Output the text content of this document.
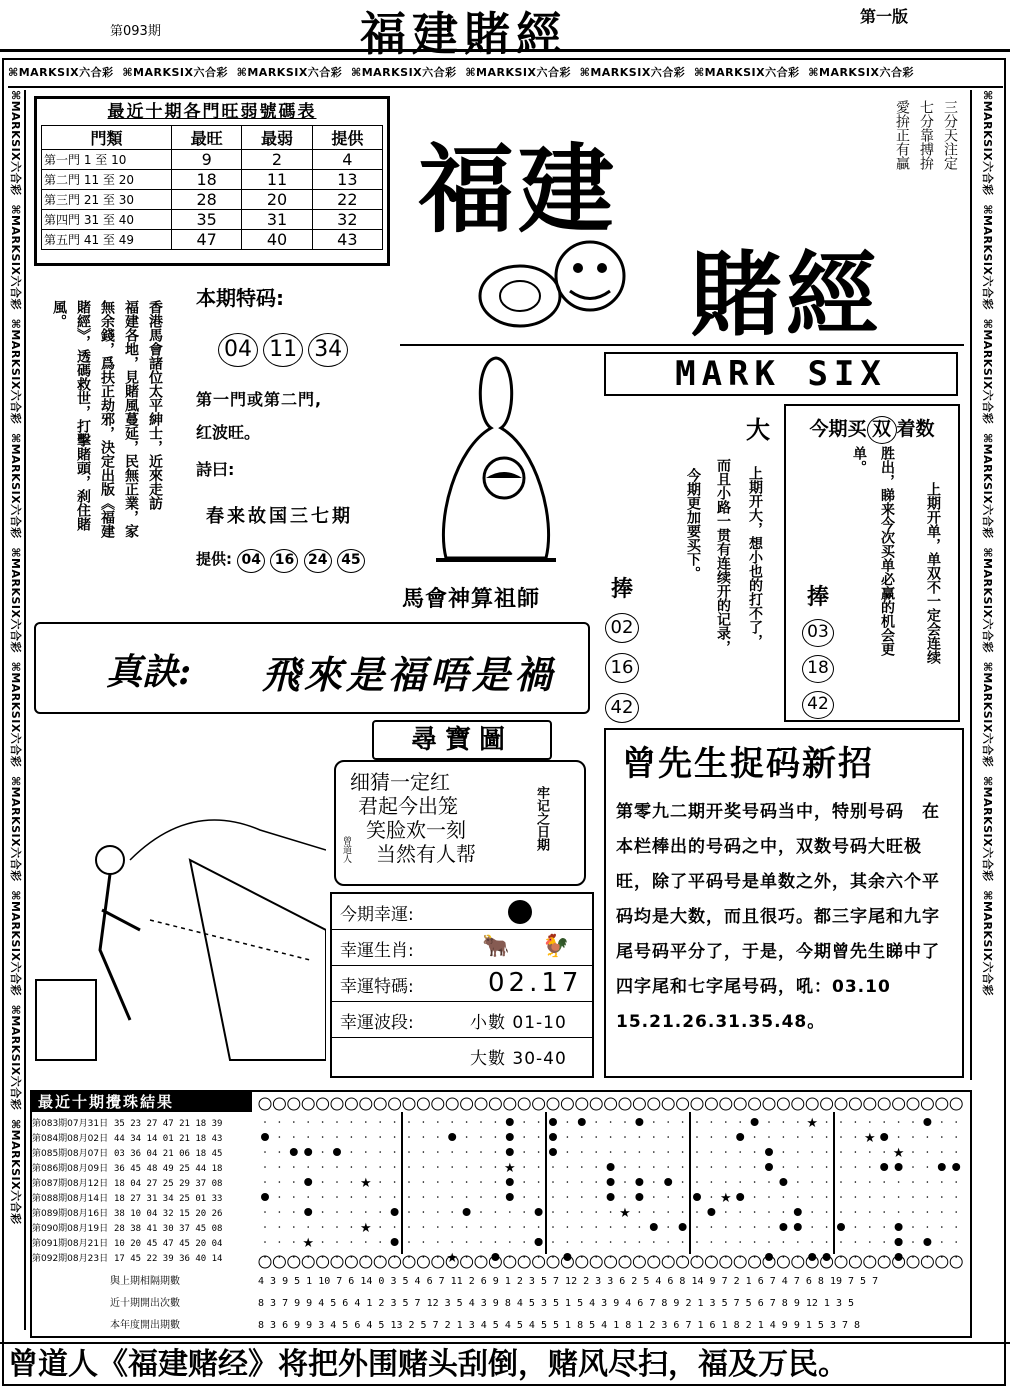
第093期	福建賭經	第一版
⌘MARKSIX六合彩 ⌘MARKSIX六合彩 ⌘MARKSIX六合彩 ⌘MARKSIX六合彩 ⌘MARKSIX六合彩 ⌘MARKSIX六合彩 ⌘MARKSIX六合彩 ⌘MARKSIX六合彩
⌘MARKSIX六合彩  ⌘MARKSIX六合彩  ⌘MARKSIX六合彩  ⌘MARKSIX六合彩  ⌘MARKSIX六合彩  ⌘MARKSIX六合彩  ⌘MARKSIX六合彩  ⌘MARKSIX六合彩  ⌘MARKSIX六合彩  ⌘MARKSIX六合彩
⌘MARKSIX六合彩  ⌘MARKSIX六合彩  ⌘MARKSIX六合彩  ⌘MARKSIX六合彩  ⌘MARKSIX六合彩  ⌘MARKSIX六合彩  ⌘MARKSIX六合彩  ⌘MARKSIX六合彩
最近十期各門旺弱號碼表
門類	最旺	最弱	提供
第一門 1 至 10	9	2	4
第二門 11 至 20	18	11	13
第三門 21 至 30	28	20	22
第四門 31 至 40	35	31	32
第五門 41 至 49	47	40	43 福建
賭經
三分天注定
七分靠搏拚
愛拚正有贏
香港馬會諸位太平紳士，近來走訪
福建各地，見賭風蔓延，民無正業，家
無余錢，爲扶正劫邪，決定出版《福建
賭經》，透碼救世，打擊賭頭，刹住賭
風。
本期特码:
04 11 34
第一門或第二門,
红波旺。
詩曰:
春来故国三七期
提供: 04 16 24 45
馬會神算祖師	捧
02 16 42
MARK SIX
大	今期买 双 着数
今期更加要买下。 而且小路一贯有连续开的记录， 上期开大，想小也的打不了，
单。 胜出，睇来今次买单必赢的机会更 上期开单，单双不一定会连续
捧
03 18 42
真訣: 飛來是福唔是禍
尋寶圖
细猜一定红
君起今出笼
笑脸欢一刻
当然有人帮
曾道人	牢记之日期
今期幸運:
幸運生肖:	🐂 🐓
幸運特碼:	02.17
幸運波段:	小數 01-10
大數 30-40
曾先生捉码新招
第零九二期开奖号码当中，特别号码　在本栏棒出的号码之中，双数号码大旺极旺，除了平码号是单数之外，其余六个平码均是大数，而且很巧。都三字尾和九字尾号码平分了，于是，今期曾先生睇中了四字尾和七字尾号码，吼：03.10 15.21.26.31.35.48。
最近十期攪珠結果
第083期07月31日 35 23 27 47 21 18 39
第084期08月02日 44 34 14 01 21 18 43
第085期08月07日 03 36 04 21 06 18 45
第086期08月09日 36 45 48 49 25 44 18
第087期08月12日 18 04 27 25 29 37 08
第088期08月14日 18 27 31 34 25 01 33
第089期08月16日 38 10 04 32 15 20 26
第090期08月19日 28 38 41 30 37 45 08
第091期08月21日 10 20 45 47 45 20 04
第092期08月23日 17 45 22 39 36 40 14
★
★
★
★
★
★
★
★
★
★
與上期相隔期數	4 3 9 5 1 10 7 6 14 0 3 5 4 6 7 11 2 6 9 1 2 3 5 7 12 2 3 3 6 2 5 4 6 8 14 9 7 2 1 6 7 4 7 6 8 19 7 5 7
近十期開出次數	8 3 7 9 9 4 5 6 4 1 2 3 5 7 12 3 5 4 3 9 8 4 5 3 5 1 5 4 3 9 4 6 7 8 9 2 1 3 5 7 5 6 7 8 9 12 1 3 5
本年度開出期數	8 3 6 9 9 3 4 5 6 4 5 13 2 5 7 2 1 3 4 5 4 5 4 5 5 1 8 5 4 1 8 1 2 3 6 7 1 6 1 8 2 1 4 9 9 1 5 3 7 8
曾道人《福建赌经》将把外围赌头刮倒，赌风尽扫，福及万民。
